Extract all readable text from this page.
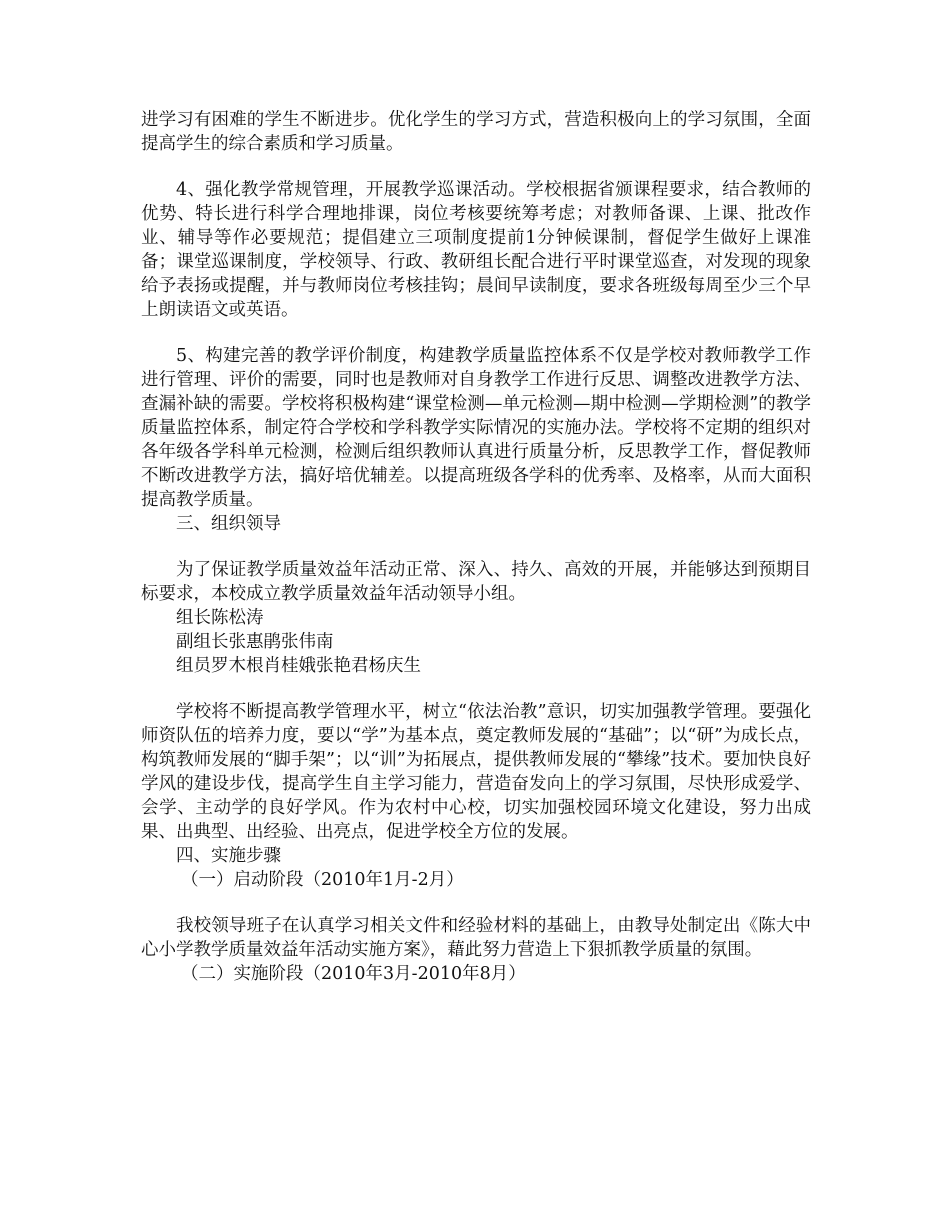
进学习有困难的学生不断进步。优化学生的学习方式，营造积极向上的学习氛围，全面提高学生的综合素质和学习质量。

4、强化教学常规管理，开展教学巡课活动。学校根据省颁课程要求，结合教师的优势、特长进行科学合理地排课，岗位考核要统筹考虑；对教师备课、上课、批改作业、辅导等作必要规范；提倡建立三项制度提前1分钟候课制，督促学生做好上课准备；课堂巡课制度，学校领导、行政、教研组长配合进行平时课堂巡查，对发现的现象给予表扬或提醒，并与教师岗位考核挂钩；晨间早读制度，要求各班级每周至少三个早上朗读语文或英语。

5、构建完善的教学评价制度，构建教学质量监控体系不仅是学校对教师教学工作进行管理、评价的需要，同时也是教师对自身教学工作进行反思、调整改进教学方法、查漏补缺的需要。学校将积极构建“课堂检测—单元检测—期中检测—学期检测”的教学质量监控体系，制定符合学校和学科教学实际情况的实施办法。学校将不定期的组织对各年级各学科单元检测，检测后组织教师认真进行质量分析，反思教学工作，督促教师不断改进教学方法，搞好培优辅差。以提高班级各学科的优秀率、及格率，从而大面积提高教学质量。

三、组织领导

为了保证教学质量效益年活动正常、深入、持久、高效的开展，并能够达到预期目标要求，本校成立教学质量效益年活动领导小组。

组长陈松涛

副组长张惠鹃张伟南

组员罗木根肖桂娥张艳君杨庆生

学校将不断提高教学管理水平，树立“依法治教”意识，切实加强教学管理。要强化师资队伍的培养力度，要以“学”为基本点，奠定教师发展的“基础”；以“研”为成长点，构筑教师发展的“脚手架”；以“训”为拓展点，提供教师发展的“攀缘”技术。要加快良好学风的建设步伐，提高学生自主学习能力，营造奋发向上的学习氛围，尽快形成爱学、会学、主动学的良好学风。作为农村中心校，切实加强校园环境文化建设，努力出成果、出典型、出经验、出亮点，促进学校全方位的发展。

四、实施步骤

（一）启动阶段（2010年1月-2月）

我校领导班子在认真学习相关文件和经验材料的基础上，由教导处制定出《陈大中心小学教学质量效益年活动实施方案》，藉此努力营造上下狠抓教学质量的氛围。

（二）实施阶段（2010年3月-2010年8月）
